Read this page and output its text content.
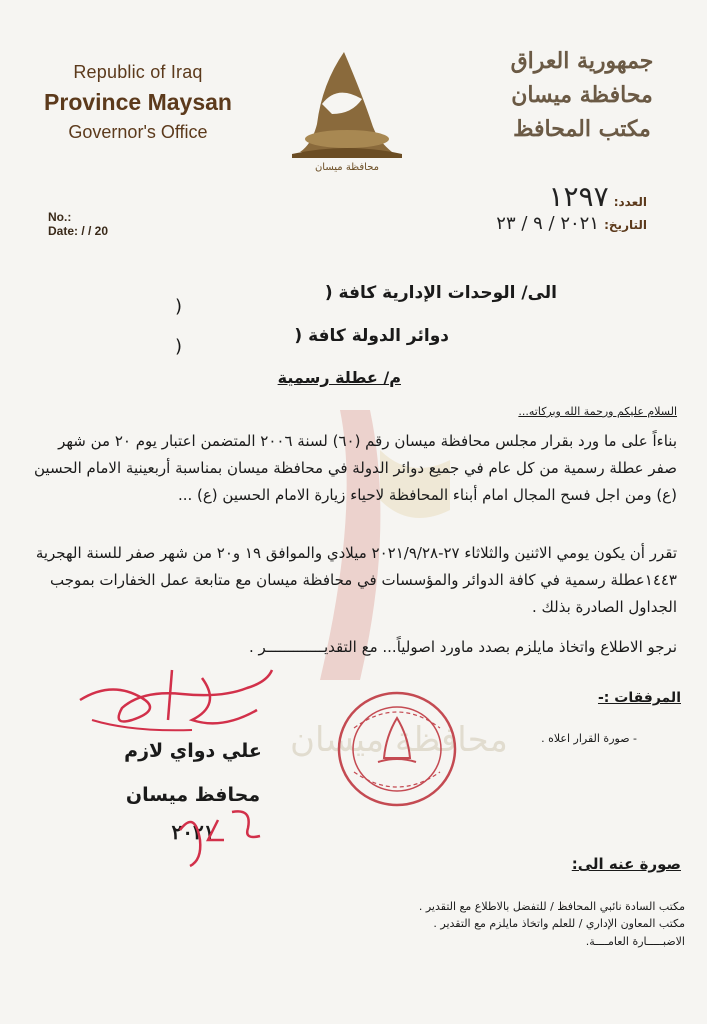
محافظة ميسان
Republic of Iraq
Province Maysan
Governor's Office
محافظة ميسان
جمهورية العراق
محافظة ميسان
مكتب المحافظ
No.:
Date: / / 20
العدد: ١٢٩٧
التاريخ: ٢٠٢١ / ٩ / ٢٣
الى/ الوحدات الإدارية كافة (
)
دوائر الدولة كافة (
)
م/ عطلة رسمية
السلام عليكم ورحمة الله وبركاته...
بناءاً على ما ورد بقرار مجلس محافظة ميسان رقم (٦٠) لسنة ٢٠٠٦ المتضمن اعتبار يوم ٢٠ من شهر صفر عطلة رسمية من كل عام في جميع دوائر الدولة في محافظة ميسان بمناسبة أربعينية الامام الحسين (ع) ومن اجل فسح المجال امام أبناء المحافظة لاحياء زيارة الامام الحسين (ع) ...
تقرر أن يكون يومي الاثنين والثلاثاء ٢٧-٢٠٢١/٩/٢٨ ميلادي والموافق ١٩ و٢٠ من شهر صفر للسنة الهجرية ١٤٤٣عطلة رسمية في كافة الدوائر والمؤسسات في محافظة ميسان مع متابعة عمل الخفارات بموجب الجداول الصادرة بذلك .
نرجو الاطلاع واتخاذ مايلزم بصدد ماورد اصولياً... مع التقديـــــــــــــر .
المرفقات :-
- صورة القرار اعلاه .
علي دواي لازم
محافظ ميسان
٢٠٢١
صورة عنه الى:
مكتب السادة نائبي المحافظ / للتفضل بالاطلاع مع التقدير .
مكتب المعاون الإداري / للعلم واتخاذ مايلزم مع التقدير .
الاضبـــــارة العامــــة.
